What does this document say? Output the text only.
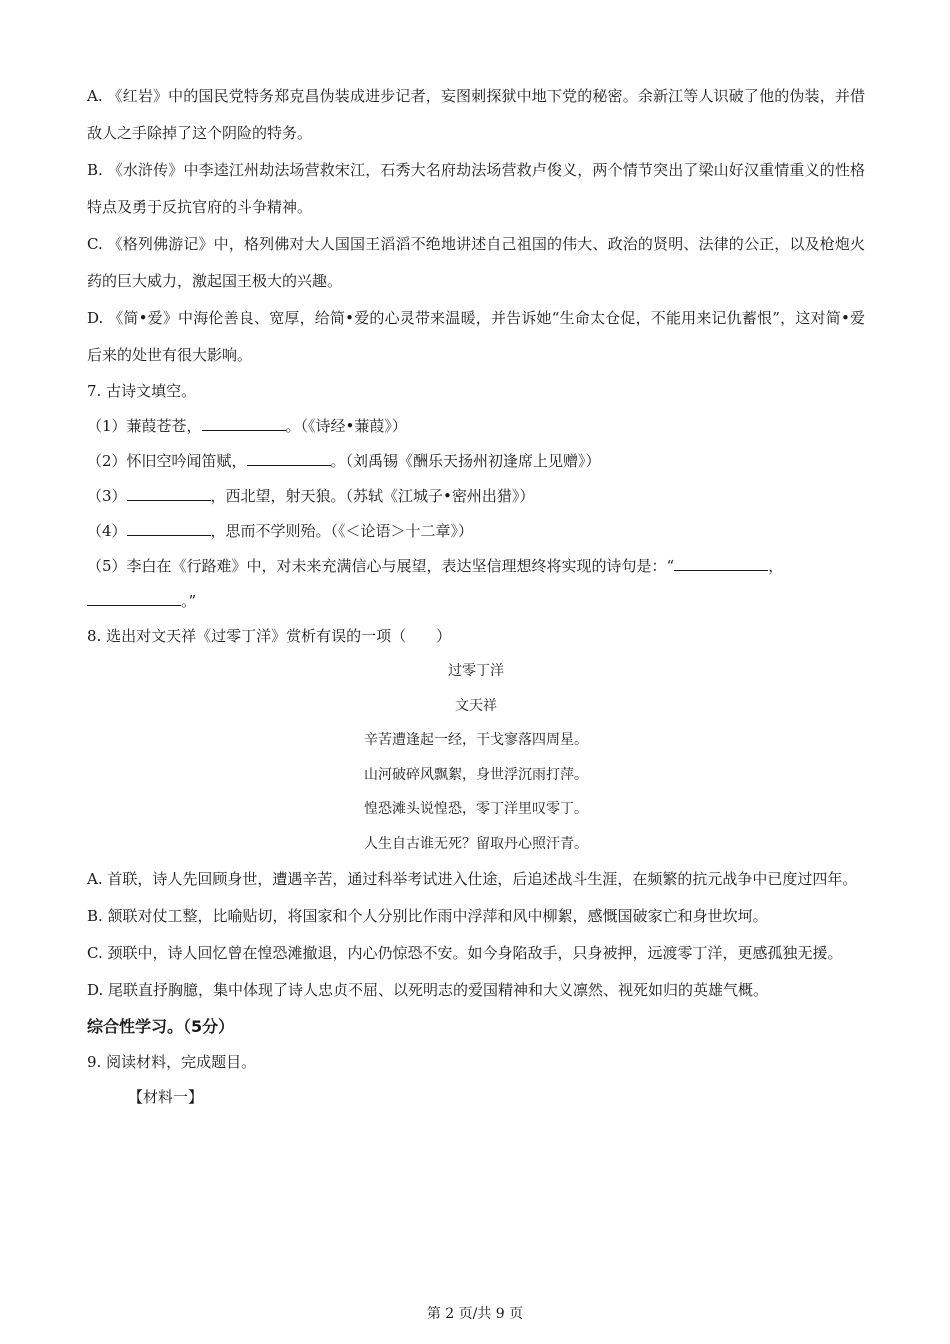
A. 《红岩》中的国民党特务郑克昌伪装成进步记者，妄图刺探狱中地下党的秘密。余新江等人识破了他的伪装，并借敌人之手除掉了这个阴险的特务。

B. 《水浒传》中李逵江州劫法场营救宋江，石秀大名府劫法场营救卢俊义，两个情节突出了梁山好汉重情重义的性格特点及勇于反抗官府的斗争精神。

C. 《格列佛游记》中，格列佛对大人国国王滔滔不绝地讲述自己祖国的伟大、政治的贤明、法律的公正，以及枪炮火药的巨大威力，激起国王极大的兴趣。

D. 《简•爱》中海伦善良、宽厚，给简•爱的心灵带来温暖，并告诉她“生命太仓促，不能用来记仇蓄恨”，这对简•爱后来的处世有很大影响。

7. 古诗文填空。

（1）蒹葭苍苍，	。（《诗经•蒹葭》）

（2）怀旧空吟闻笛赋，	。（刘禹锡《酬乐天扬州初逢席上见赠》）

（3）	，西北望，射天狼。（苏轼《江城子•密州出猎》）

（4）	，思而不学则殆。（《＜论语＞十二章》）

（5）李白在《行路难》中，对未来充满信心与展望，表达坚信理想终将实现的诗句是：“	，

。”

8. 选出对文天祥《过零丁洋》赏析有误的一项（　　）

过零丁洋

文天祥

辛苦遭逢起一经，干戈寥落四周星。

山河破碎风飘絮，身世浮沉雨打萍。

惶恐滩头说惶恐，零丁洋里叹零丁。

人生自古谁无死？留取丹心照汗青。

A. 首联，诗人先回顾身世，遭遇辛苦，通过科举考试进入仕途，后追述战斗生涯，在频繁的抗元战争中已度过四年。

B. 颔联对仗工整，比喻贴切，将国家和个人分别比作雨中浮萍和风中柳絮，感慨国破家亡和身世坎坷。

C. 颈联中，诗人回忆曾在惶恐滩撤退，内心仍惊恐不安。如今身陷敌手，只身被押，远渡零丁洋，更感孤独无援。

D. 尾联直抒胸臆，集中体现了诗人忠贞不屈、以死明志的爱国精神和大义凛然、视死如归的英雄气概。

综合性学习。（5分）

9. 阅读材料，完成题目。

【材料一】

第 2 页/共 9 页
